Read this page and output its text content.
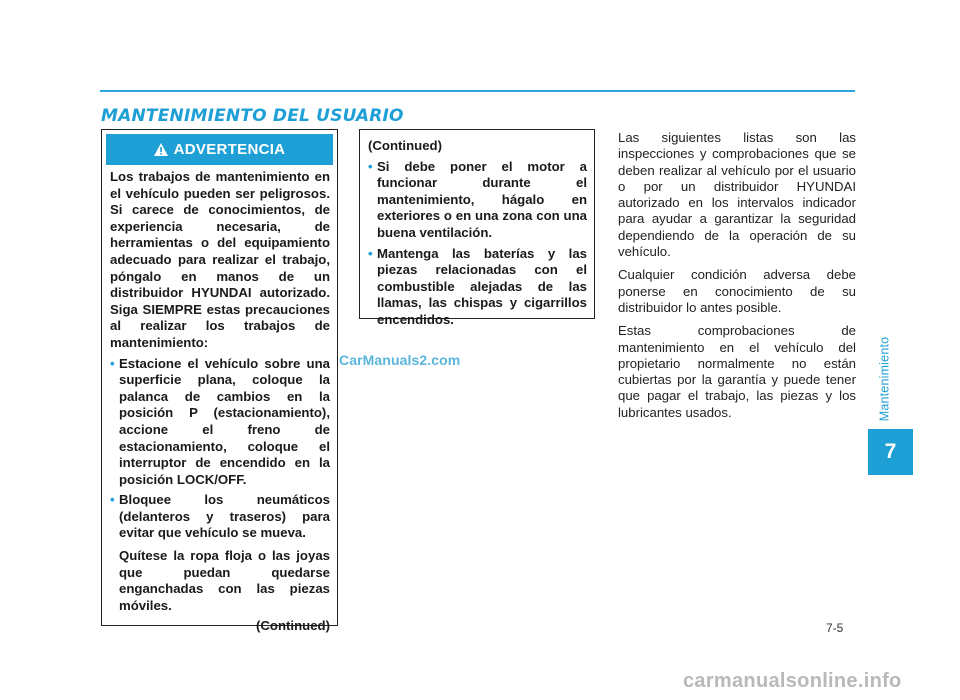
MANTENIMIENTO DEL USUARIO
ADVERTENCIA

Los trabajos de mantenimiento en el vehículo pueden ser peligrosos. Si carece de conocimientos, de experiencia necesaria, de herramientas o del equipamiento adecuado para realizar el trabajo, póngalo en manos de un distribuidor HYUNDAI autorizado. Siga SIEMPRE estas precauciones al realizar los trabajos de mantenimiento:

• Estacione el vehículo sobre una superficie plana, coloque la palanca de cambios en la posición P (estacionamiento), accione el freno de estacionamiento, coloque el interruptor de encendido en la posición LOCK/OFF.
• Bloquee los neumáticos (delanteros y traseros) para evitar que vehículo se mueva.

Quítese la ropa floja o las joyas que puedan quedarse enganchadas con las piezas móviles.

(Continued)

(Continued)

• Si debe poner el motor a funcionar durante el mantenimiento, hágalo en exteriores o en una zona con una buena ventilación.
• Mantenga las baterías y las piezas relacionadas con el combustible alejadas de las llamas, las chispas y cigarrillos encendidos.
CarManuals2.com

Las siguientes listas son las inspecciones y comprobaciones que se deben realizar al vehículo por el usuario o por un distribuidor HYUNDAI autorizado en los intervalos indicador para ayudar a garantizar la seguridad dependiendo de la operación de su vehículo.

Cualquier condición adversa debe ponerse en conocimiento de su distribuidor lo antes posible.

Estas comprobaciones de mantenimiento en el vehículo del propietario normalmente no están cubiertas por la garantía y puede tener que pagar el trabajo, las piezas y los lubricantes usados.	Mantenimiento
7
7-5
carmanualsonline.info
